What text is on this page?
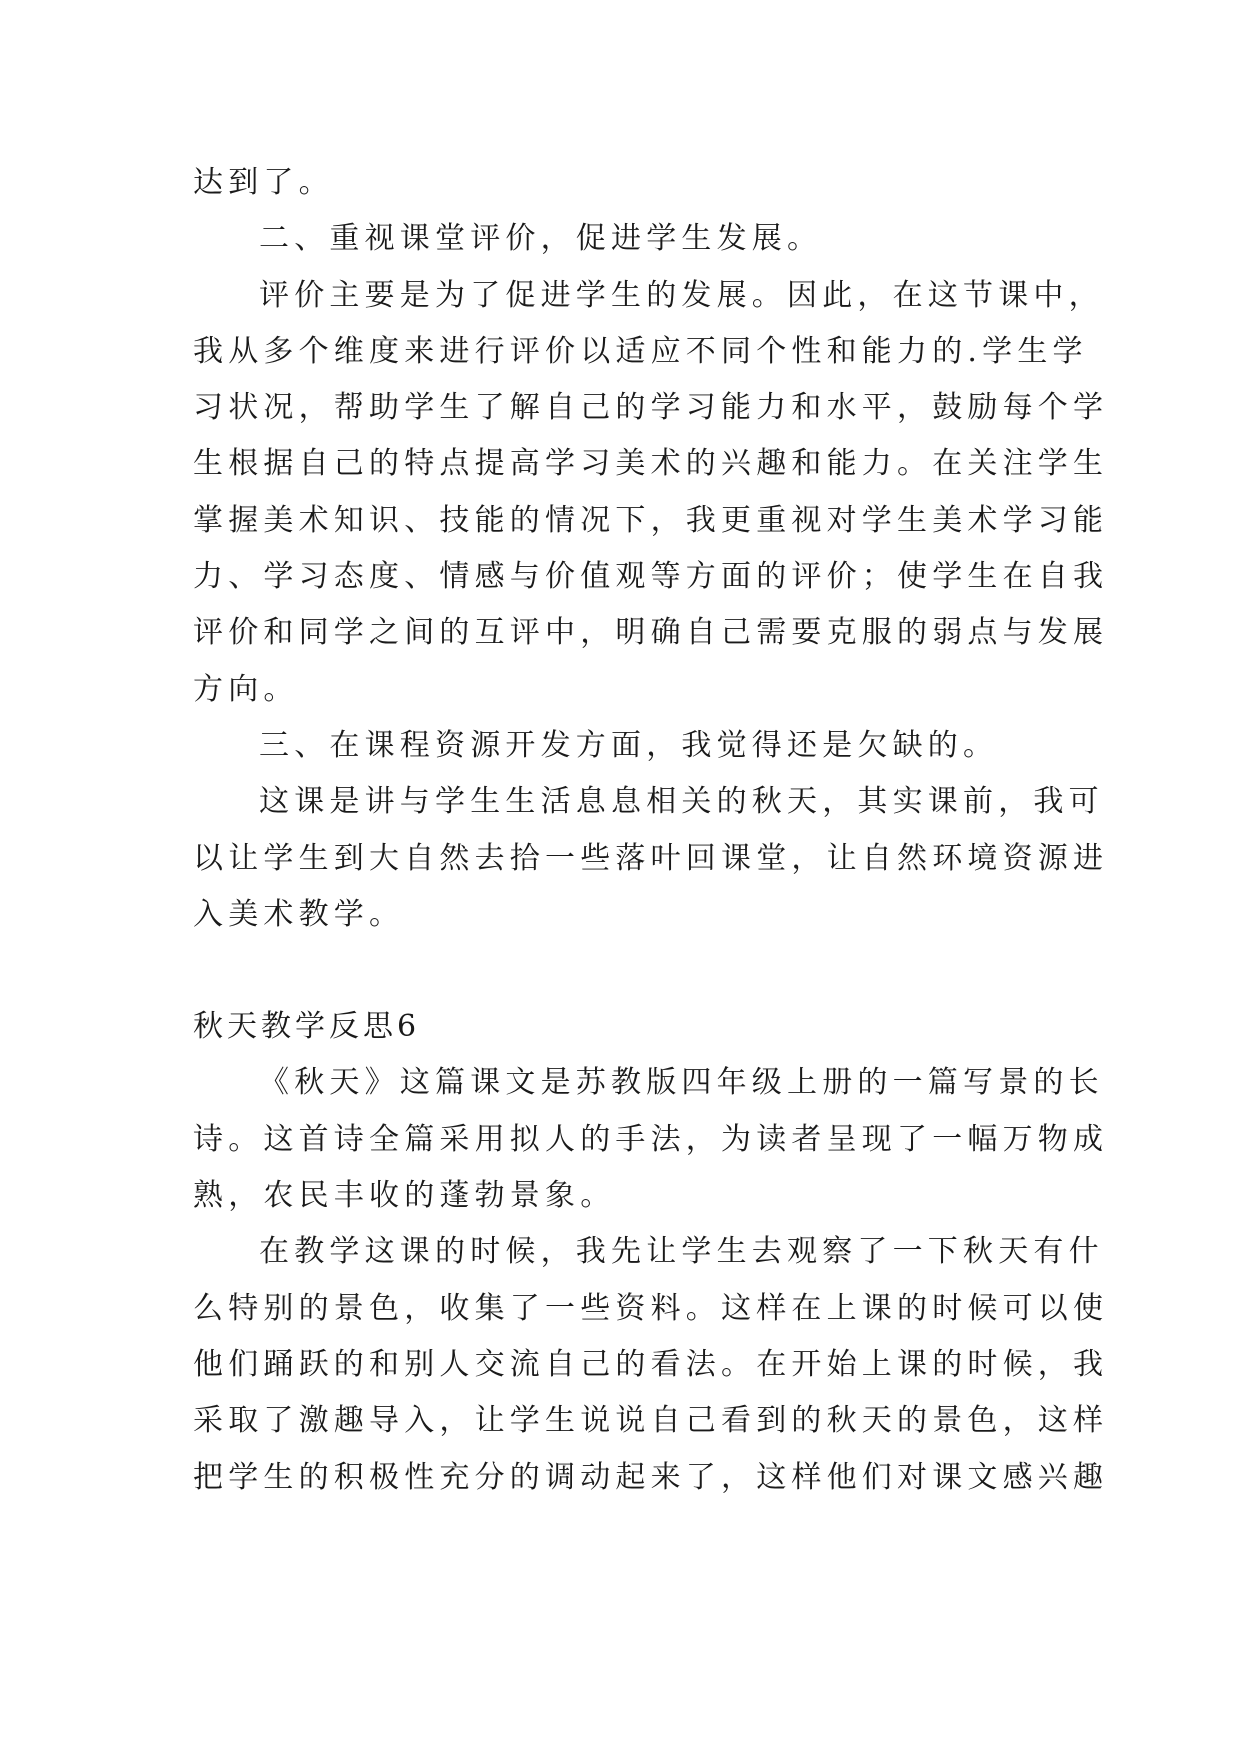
达到了。
二、重视课堂评价，促进学生发展。
评价主要是为了促进学生的发展。因此，在这节课中，
我从多个维度来进行评价以适应不同个性和能力的.学生学
习状况，帮助学生了解自己的学习能力和水平，鼓励每个学
生根据自己的特点提高学习美术的兴趣和能力。在关注学生
掌握美术知识、技能的情况下，我更重视对学生美术学习能
力、学习态度、情感与价值观等方面的评价；使学生在自我
评价和同学之间的互评中，明确自己需要克服的弱点与发展
方向。
三、在课程资源开发方面，我觉得还是欠缺的。
这课是讲与学生生活息息相关的秋天，其实课前，我可
以让学生到大自然去拾一些落叶回课堂，让自然环境资源进
入美术教学。
秋天教学反思6
《秋天》这篇课文是苏教版四年级上册的一篇写景的长
诗。这首诗全篇采用拟人的手法，为读者呈现了一幅万物成
熟，农民丰收的蓬勃景象。
在教学这课的时候，我先让学生去观察了一下秋天有什
么特别的景色，收集了一些资料。这样在上课的时候可以使
他们踊跃的和别人交流自己的看法。在开始上课的时候，我
采取了激趣导入，让学生说说自己看到的秋天的景色，这样
把学生的积极性充分的调动起来了，这样他们对课文感兴趣
